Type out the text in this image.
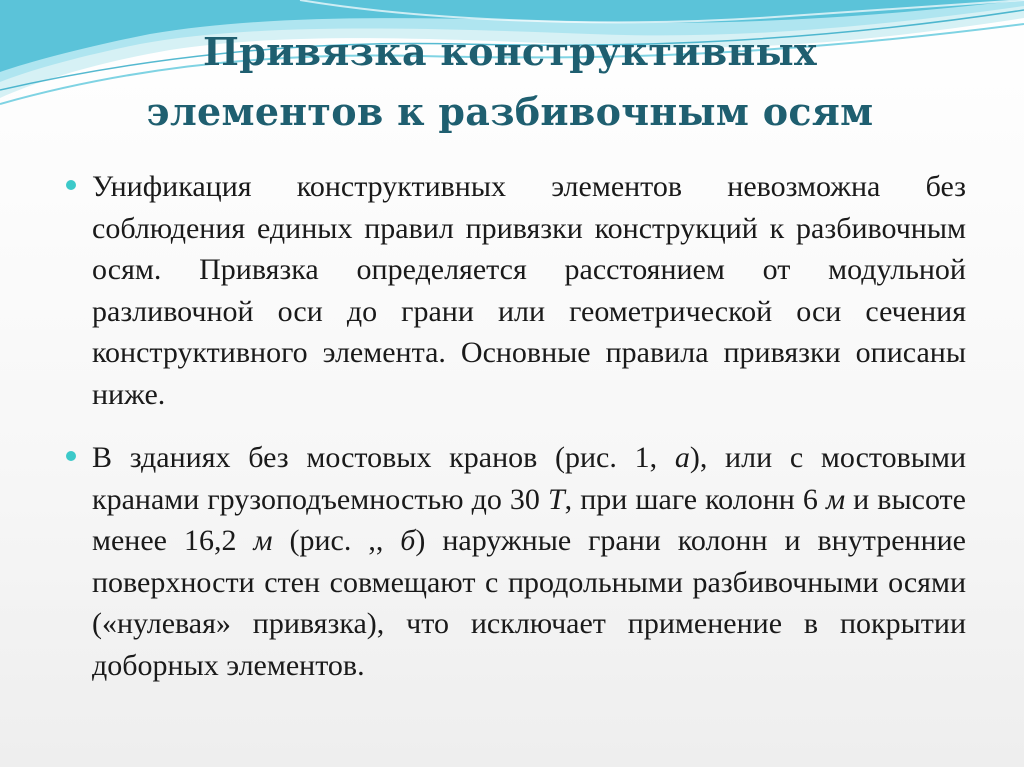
Привязка конструктивных
элементов к разбивочным осям

Унификация конструктивных элементов невозможна без соблюдения единых правил привязки конструкций к разбивочным осям. Привязка определяется расстоянием от модульной разливочной оси до грани или геометрической оси сечения конструктивного элемента. Основные правила привязки описаны ниже.

В зданиях без мостовых кранов (рис. 1, а), или с мостовыми кранами грузоподъемностью до 30 Т, при шаге колонн 6 м и высоте менее 16,2 м (рис. ,, б) наружные грани колонн и внутренние поверхности стен совмещают с продольными разбивочными осями («нулевая» привязка), что исключает применение в покрытии доборных элементов.
